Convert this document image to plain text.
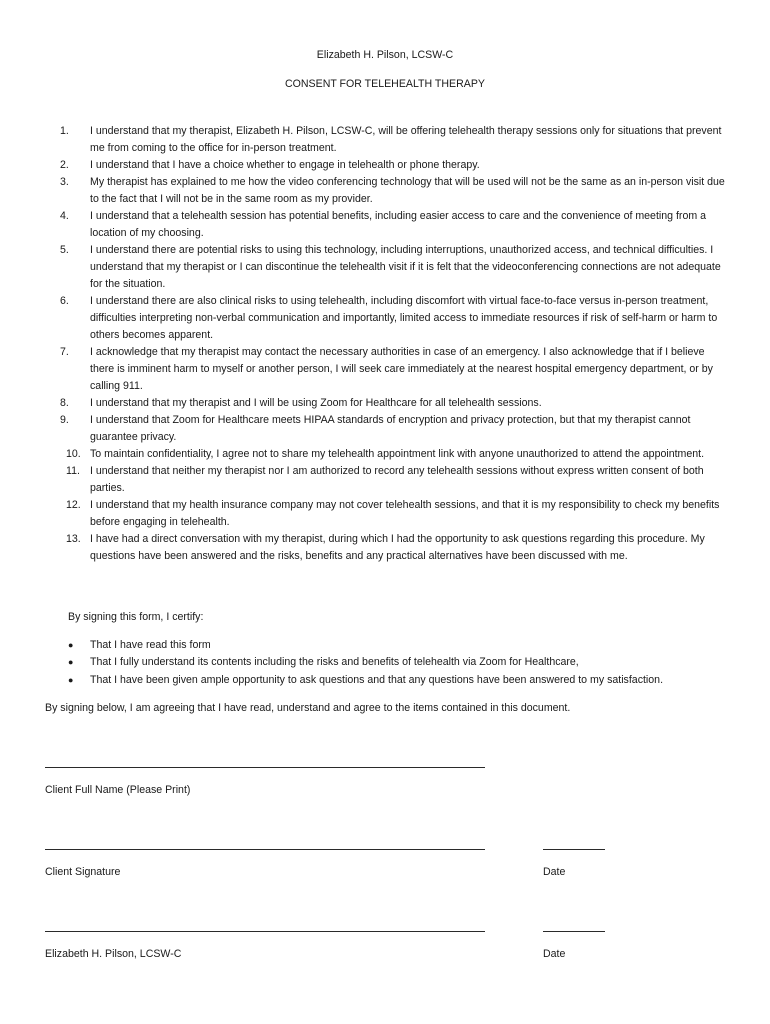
Elizabeth H. Pilson, LCSW-C
CONSENT FOR TELEHEALTH THERAPY
1.	I understand that my therapist, Elizabeth H. Pilson, LCSW-C, will be offering telehealth therapy sessions only for situations that prevent me from coming to the office for in-person treatment.
2.	I understand that I have a choice whether to engage in telehealth or phone therapy.
3.	My therapist has explained to me how the video conferencing technology that will be used will not be the same as an in-person visit due to the fact that I will not be in the same room as my provider.
4.	I understand that a telehealth session has potential benefits, including easier access to care and the convenience of meeting from a location of my choosing.
5.	I understand there are potential risks to using this technology, including interruptions, unauthorized access, and technical difficulties. I understand that my therapist or I can discontinue the telehealth visit if it is felt that the videoconferencing connections are not adequate for the situation.
6.	I understand there are also clinical risks to using telehealth, including discomfort with virtual face-to-face versus in-person treatment, difficulties interpreting non-verbal communication and importantly, limited access to immediate resources if risk of self-harm or harm to others becomes apparent.
7.	I acknowledge that my therapist may contact the necessary authorities in case of an emergency. I also acknowledge that if I believe there is imminent harm to myself or another person, I will seek care immediately at the nearest hospital emergency department, or by calling 911.
8.	I understand that my therapist and I will be using Zoom for Healthcare for all telehealth sessions.
9.	I understand that Zoom for Healthcare meets HIPAA standards of encryption and privacy protection, but that my therapist cannot guarantee privacy.
10. To maintain confidentiality, I agree not to share my telehealth appointment link with anyone unauthorized to attend the appointment.
11. I understand that neither my therapist nor I am authorized to record any telehealth sessions without express written consent of both parties.
12. I understand that my health insurance company may not cover telehealth sessions, and that it is my responsibility to check my benefits before engaging in telehealth.
13. I have had a direct conversation with my therapist, during which I had the opportunity to ask questions regarding this procedure. My questions have been answered and the risks, benefits and any practical alternatives have been discussed with me.
By signing this form, I certify:
● That I have read this form
● That I fully understand its contents including the risks and benefits of telehealth via Zoom for Healthcare,
● That I have been given ample opportunity to ask questions and that any questions have been answered to my satisfaction.
By signing below, I am agreeing that I have read, understand and agree to the items contained in this document.
Client Full Name (Please Print)
Client Signature	Date
Elizabeth H. Pilson, LCSW-C	Date
